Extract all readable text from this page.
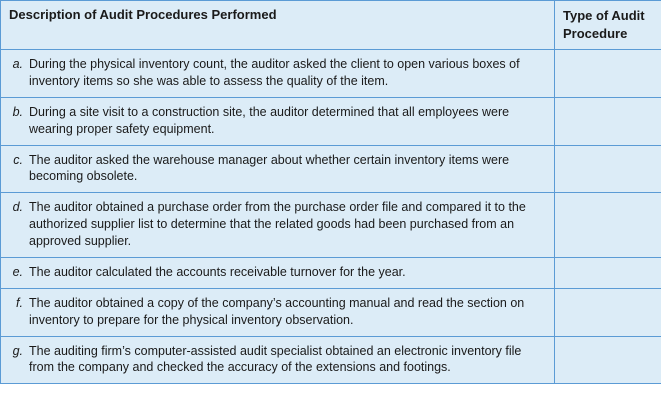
Description of Audit Procedures Performed	Type of Audit
Procedure

a. During the physical inventory count, the auditor asked the client to open various boxes of inventory items so she was able to assess the quality of the item.	

b. During a site visit to a construction site, the auditor determined that all employees were wearing proper safety equipment.	

c. The auditor asked the warehouse manager about whether certain inventory items were becoming obsolete.	

d. The auditor obtained a purchase order from the purchase order file and compared it to the authorized supplier list to determine that the related goods had been purchased from an approved supplier.	

e. The auditor calculated the accounts receivable turnover for the year.	

f. The auditor obtained a copy of the company’s accounting manual and read the section on inventory to prepare for the physical inventory observation.	

g. The auditing firm’s computer-assisted audit specialist obtained an electronic inventory file from the company and checked the accuracy of the extensions and footings.	
